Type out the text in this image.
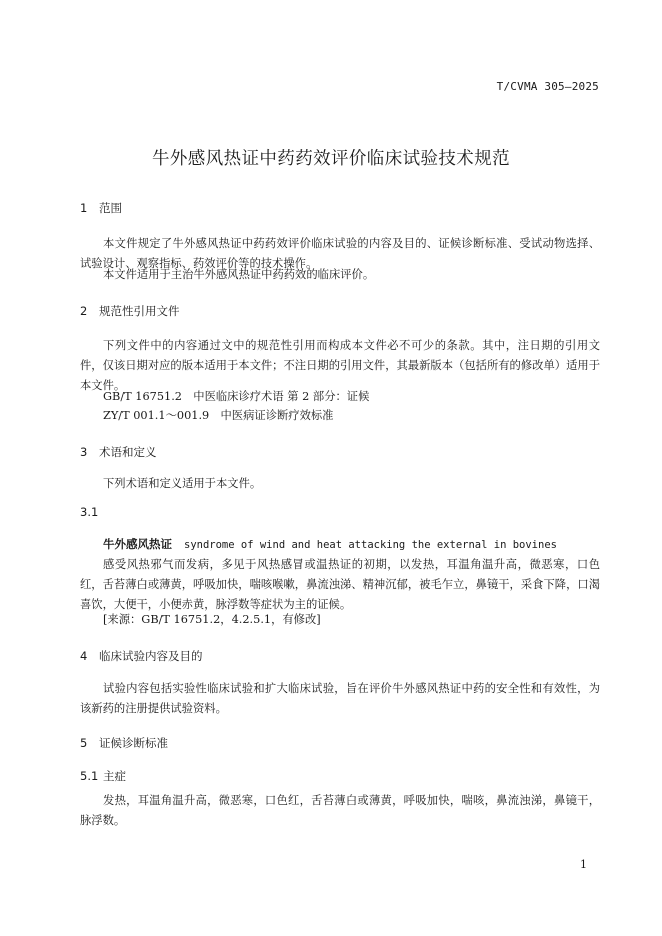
T/CVMA 305—2025
牛外感风热证中药药效评价临床试验技术规范
1 范围
本文件规定了牛外感风热证中药药效评价临床试验的内容及目的、证候诊断标准、受试动物选择、试验设计、观察指标、药效评价等的技术操作。
本文件适用于主治牛外感风热证中药药效的临床评价。
2 规范性引用文件
下列文件中的内容通过文中的规范性引用而构成本文件必不可少的条款。其中，注日期的引用文件，仅该日期对应的版本适用于本文件；不注日期的引用文件，其最新版本（包括所有的修改单）适用于本文件。
GB/T 16751.2　中医临床诊疗术语 第 2 部分：证候
ZY/T 001.1～001.9　中医病证诊断疗效标准
3 术语和定义
下列术语和定义适用于本文件。
3.1
牛外感风热证 syndrome of wind and heat attacking the external in bovines
感受风热邪气而发病，多见于风热感冒或温热证的初期，以发热，耳温角温升高，微恶寒，口色红，舌苔薄白或薄黄，呼吸加快，喘咳喉嗽，鼻流浊涕、精神沉郁，被毛乍立，鼻镜干，采食下降，口渴喜饮，大便干，小便赤黄，脉浮数等症状为主的证候。
[来源：GB/T 16751.2，4.2.5.1，有修改]
4 临床试验内容及目的
试验内容包括实验性临床试验和扩大临床试验，旨在评价牛外感风热证中药的安全性和有效性，为该新药的注册提供试验资料。
5 证候诊断标准
5.1 主症
发热，耳温角温升高，微恶寒，口色红，舌苔薄白或薄黄，呼吸加快，喘咳，鼻流浊涕，鼻镜干，脉浮数。
1
